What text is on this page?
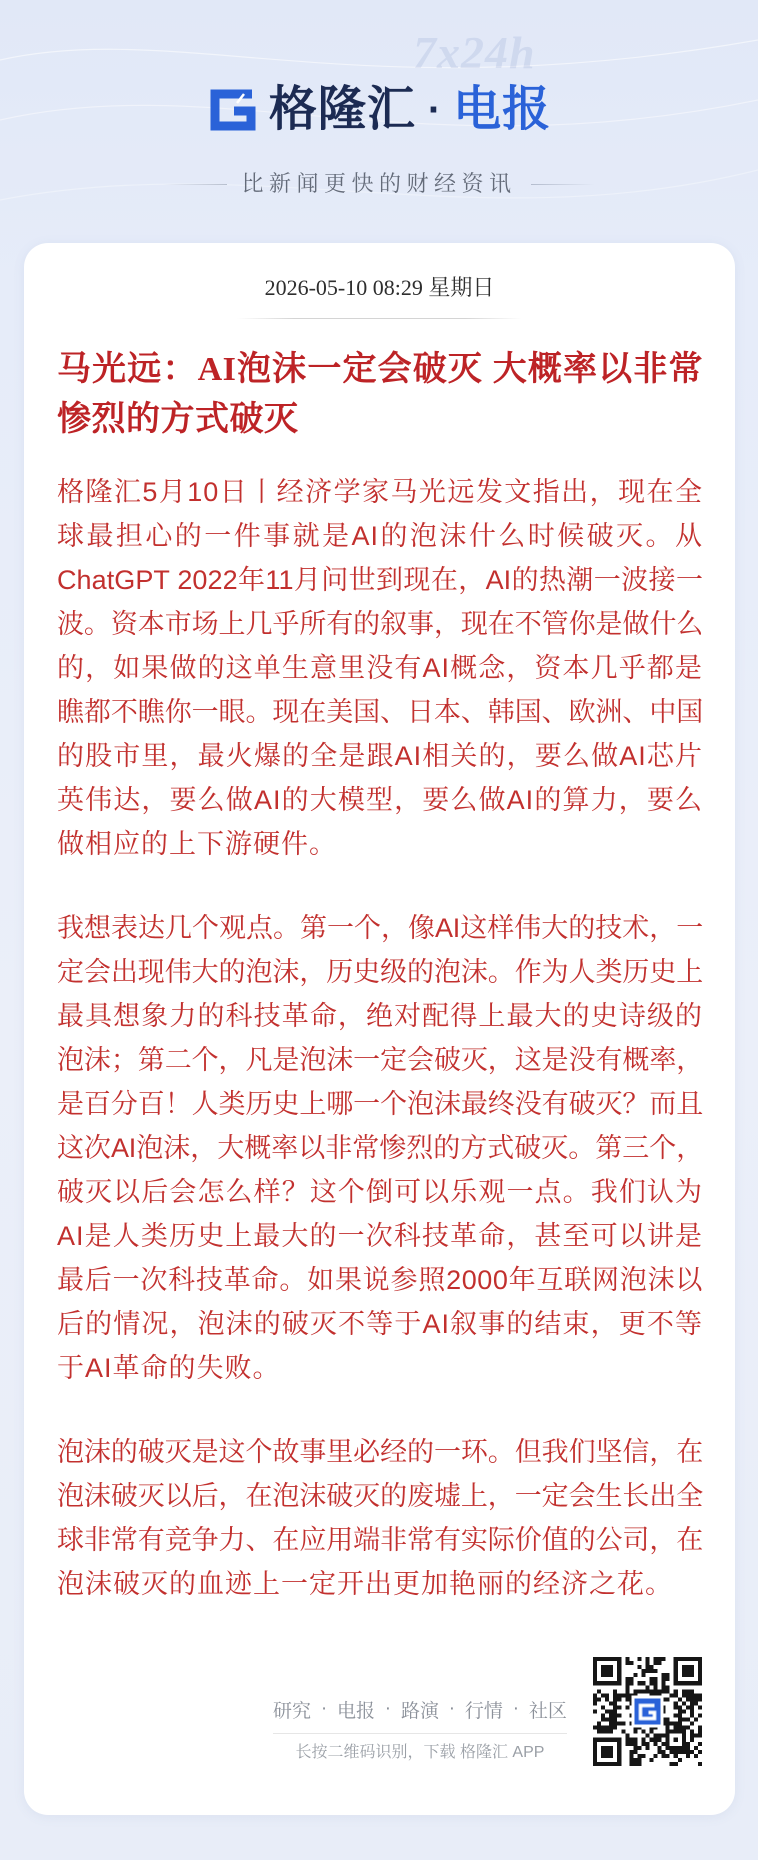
7x24h
格隆汇 · 电报
比新闻更快的财经资讯
2026-05-10 08:29 星期日
马光远：AI泡沫一定会破灭 大概率以非常
惨烈的方式破灭
格隆汇5月10日丨经济学家马光远发文指出，现在全
球最担心的一件事就是AI的泡沫什么时候破灭。从
ChatGPT 2022年11月问世到现在，AI的热潮一波接一
波。资本市场上几乎所有的叙事，现在不管你是做什么
的，如果做的这单生意里没有AI概念，资本几乎都是
瞧都不瞧你一眼。现在美国、日本、韩国、欧洲、中国
的股市里，最火爆的全是跟AI相关的，要么做AI芯片
英伟达，要么做AI的大模型，要么做AI的算力，要么
做相应的上下游硬件。
我想表达几个观点。第一个，像AI这样伟大的技术，一
定会出现伟大的泡沫，历史级的泡沫。作为人类历史上
最具想象力的科技革命，绝对配得上最大的史诗级的
泡沫；第二个，凡是泡沫一定会破灭，这是没有概率，
是百分百！人类历史上哪一个泡沫最终没有破灭？而且
这次AI泡沫，大概率以非常惨烈的方式破灭。第三个，
破灭以后会怎么样？这个倒可以乐观一点。我们认为
AI是人类历史上最大的一次科技革命，甚至可以讲是
最后一次科技革命。如果说参照2000年互联网泡沫以
后的情况，泡沫的破灭不等于AI叙事的结束，更不等
于AI革命的失败。
泡沫的破灭是这个故事里必经的一环。但我们坚信，在
泡沫破灭以后，在泡沫破灭的废墟上，一定会生长出全
球非常有竞争力、在应用端非常有实际价值的公司，在
泡沫破灭的血迹上一定开出更加艳丽的经济之花。
研究 · 电报 · 路演 · 行情 · 社区
长按二维码识别，下载 格隆汇 APP
